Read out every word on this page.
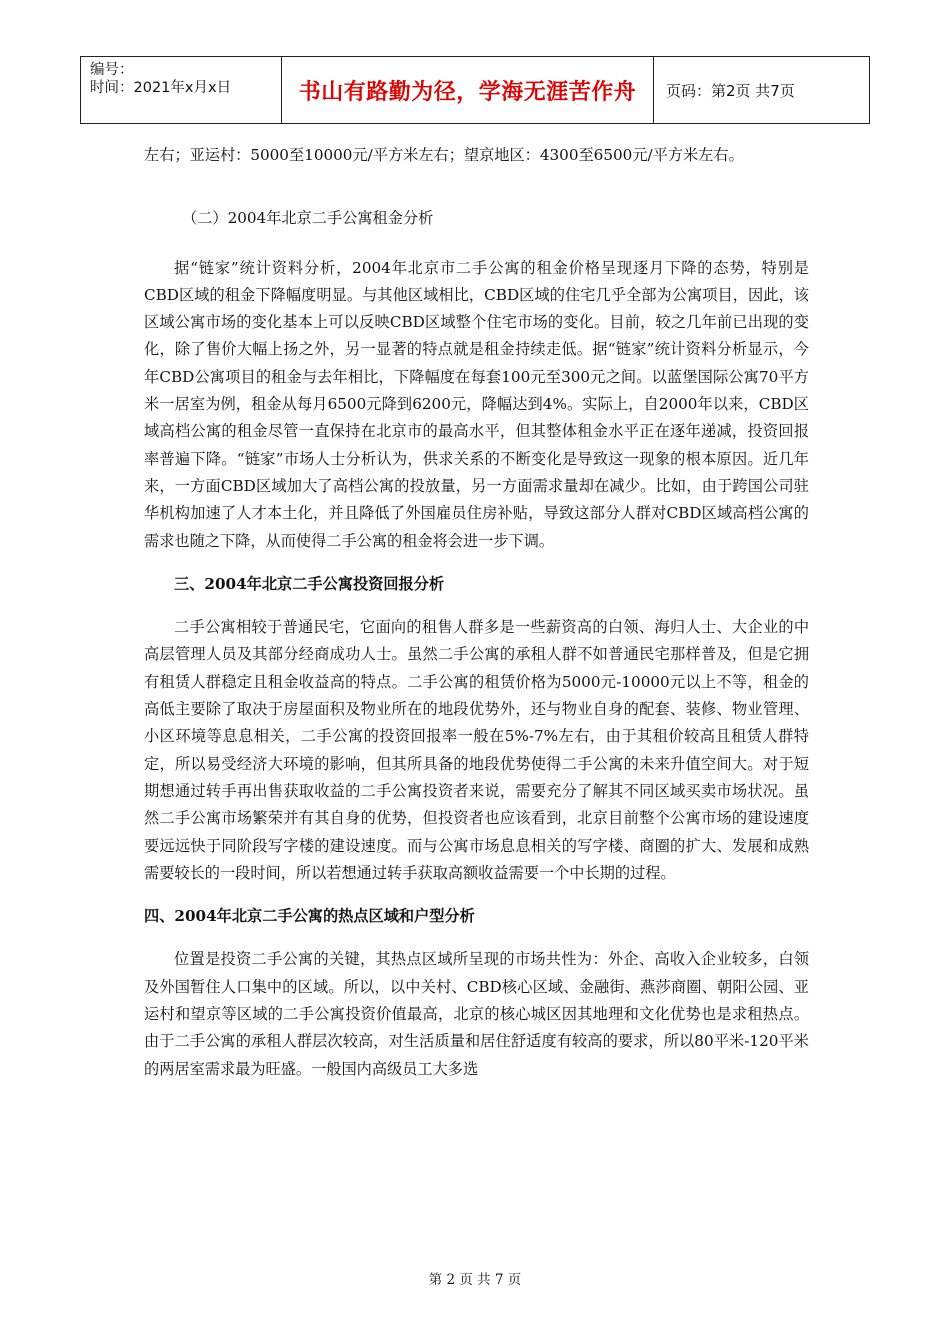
编号：
时间：2021年x月x日	书山有路勤为径，学海无涯苦作舟	页码：第2页 共7页

左右；亚运村：5000至10000元/平方米左右；望京地区：4300至6500元/平方米左右。

（二）2004年北京二手公寓租金分析

据“链家”统计资料分析，2004年北京市二手公寓的租金价格呈现逐月下降的态势，特别是CBD区域的租金下降幅度明显。与其他区域相比，CBD区域的住宅几乎全部为公寓项目，因此，该区域公寓市场的变化基本上可以反映CBD区域整个住宅市场的变化。目前，较之几年前已出现的变化，除了售价大幅上扬之外，另一显著的特点就是租金持续走低。据“链家”统计资料分析显示，今年CBD公寓项目的租金与去年相比，下降幅度在每套100元至300元之间。以蓝堡国际公寓70平方米一居室为例，租金从每月6500元降到6200元，降幅达到4%。实际上，自2000年以来，CBD区域高档公寓的租金尽管一直保持在北京市的最高水平，但其整体租金水平正在逐年递减，投资回报率普遍下降。“链家”市场人士分析认为，供求关系的不断变化是导致这一现象的根本原因。近几年来，一方面CBD区域加大了高档公寓的投放量，另一方面需求量却在减少。比如，由于跨国公司驻华机构加速了人才本土化，并且降低了外国雇员住房补贴，导致这部分人群对CBD区域高档公寓的需求也随之下降，从而使得二手公寓的租金将会进一步下调。

三、2004年北京二手公寓投资回报分析

二手公寓相较于普通民宅，它面向的租售人群多是一些薪资高的白领、海归人士、大企业的中高层管理人员及其部分经商成功人士。虽然二手公寓的承租人群不如普通民宅那样普及，但是它拥有租赁人群稳定且租金收益高的特点。二手公寓的租赁价格为5000元-10000元以上不等，租金的高低主要除了取决于房屋面积及物业所在的地段优势外，还与物业自身的配套、装修、物业管理、小区环境等息息相关，二手公寓的投资回报率一般在5%-7%左右，由于其租价较高且租赁人群特定，所以易受经济大环境的影响，但其所具备的地段优势使得二手公寓的未来升值空间大。对于短期想通过转手再出售获取收益的二手公寓投资者来说，需要充分了解其不同区域买卖市场状况。虽然二手公寓市场繁荣并有其自身的优势，但投资者也应该看到，北京目前整个公寓市场的建设速度要远远快于同阶段写字楼的建设速度。而与公寓市场息息相关的写字楼、商圈的扩大、发展和成熟需要较长的一段时间，所以若想通过转手获取高额收益需要一个中长期的过程。

四、2004年北京二手公寓的热点区域和户型分析

位置是投资二手公寓的关键，其热点区域所呈现的市场共性为：外企、高收入企业较多，白领及外国暂住人口集中的区域。所以，以中关村、CBD核心区域、金融街、燕莎商圈、朝阳公园、亚运村和望京等区域的二手公寓投资价值最高，北京的核心城区因其地理和文化优势也是求租热点。由于二手公寓的承租人群层次较高，对生活质量和居住舒适度有较高的要求，所以80平米-120平米的两居室需求最为旺盛。一般国内高级员工大多选

第 2 页 共 7 页
